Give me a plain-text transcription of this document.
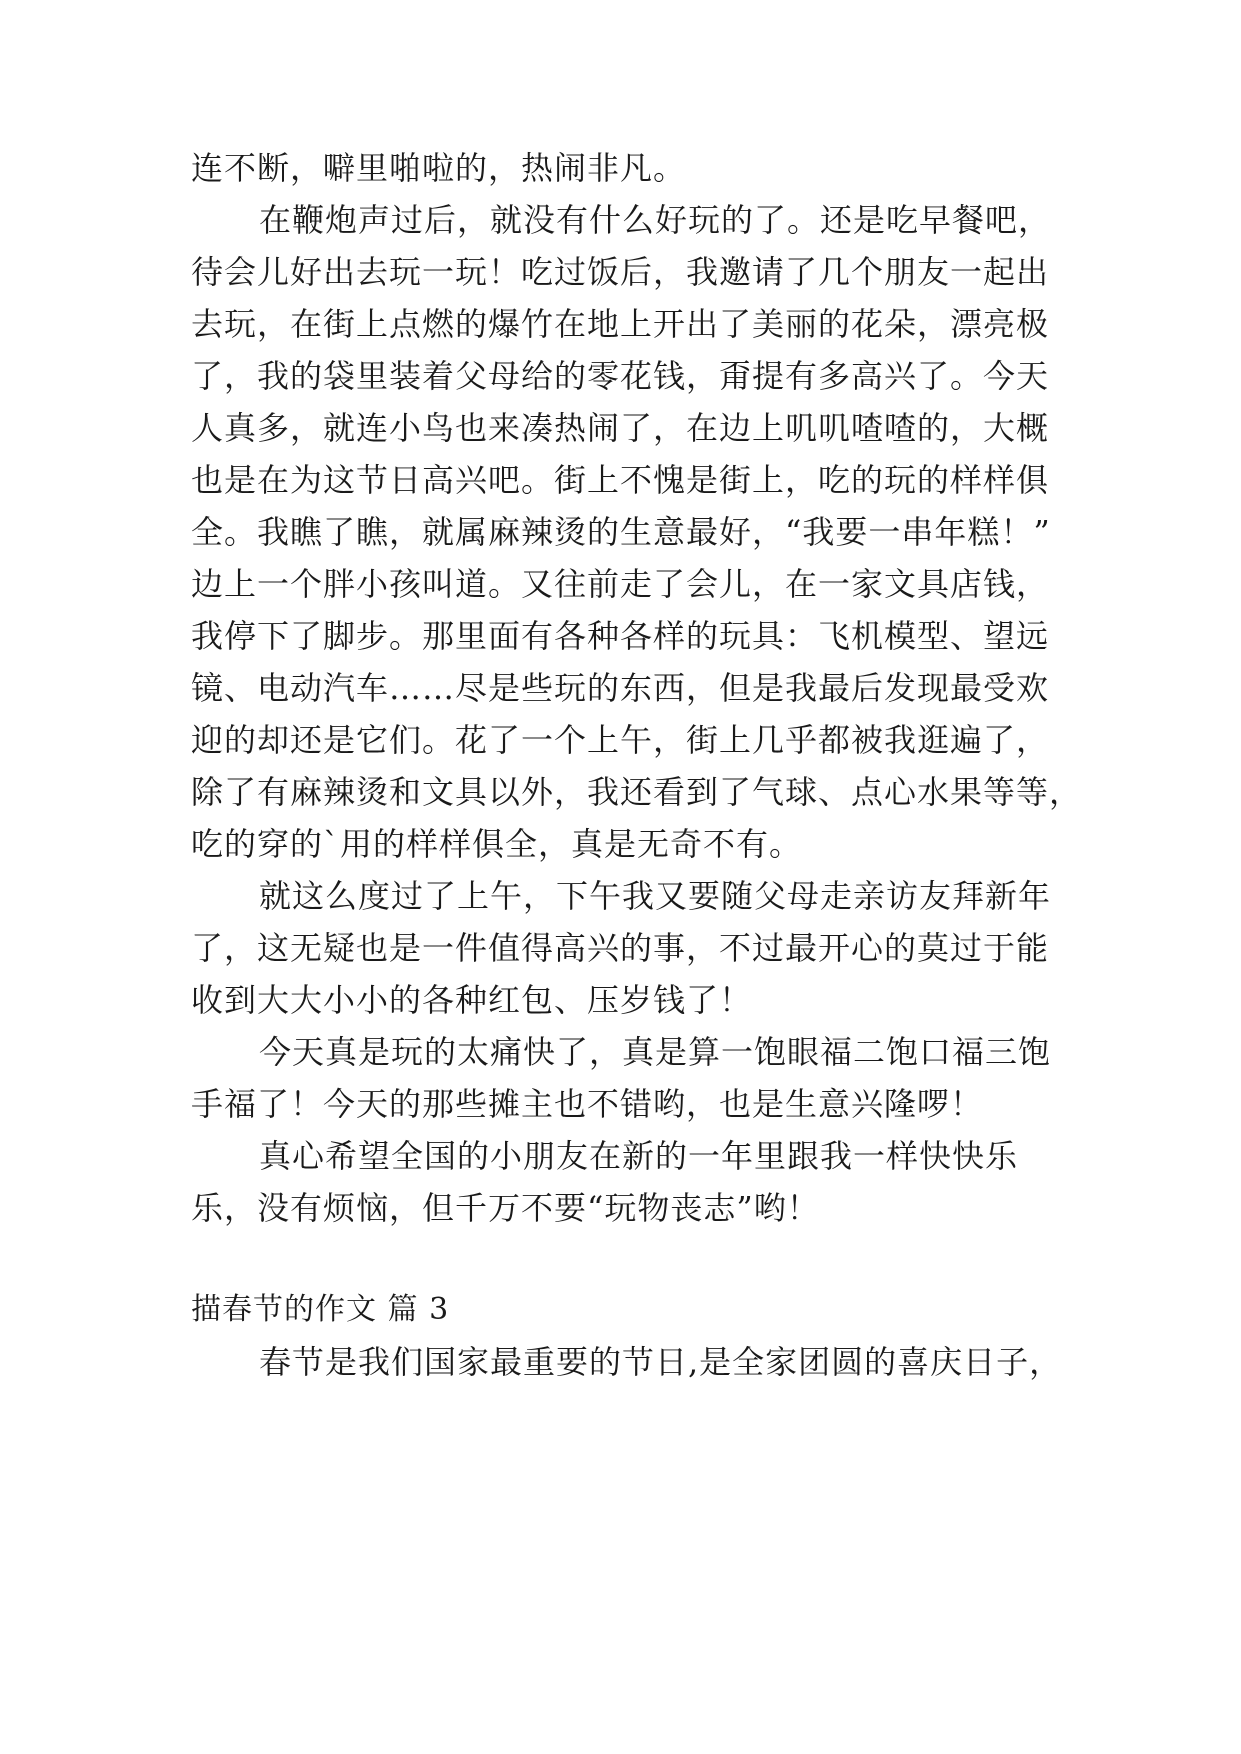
连不断，噼里啪啦的，热闹非凡。
在鞭炮声过后，就没有什么好玩的了。还是吃早餐吧，
待会儿好出去玩一玩！吃过饭后，我邀请了几个朋友一起出
去玩，在街上点燃的爆竹在地上开出了美丽的花朵，漂亮极
了，我的袋里装着父母给的零花钱，甭提有多高兴了。今天
人真多，就连小鸟也来凑热闹了，在边上叽叽喳喳的，大概
也是在为这节日高兴吧。街上不愧是街上，吃的玩的样样俱
全。我瞧了瞧，就属麻辣烫的生意最好，“我要一串年糕！”
边上一个胖小孩叫道。又往前走了会儿，在一家文具店钱，
我停下了脚步。那里面有各种各样的玩具：飞机模型、望远
镜、电动汽车……尽是些玩的东西，但是我最后发现最受欢
迎的却还是它们。花了一个上午，街上几乎都被我逛遍了，
除了有麻辣烫和文具以外，我还看到了气球、点心水果等等，
吃的穿的`用的样样俱全，真是无奇不有。
就这么度过了上午，下午我又要随父母走亲访友拜新年
了，这无疑也是一件值得高兴的事，不过最开心的莫过于能
收到大大小小的各种红包、压岁钱了！
今天真是玩的太痛快了，真是算一饱眼福二饱口福三饱
手福了！今天的那些摊主也不错哟，也是生意兴隆啰！
真心希望全国的小朋友在新的一年里跟我一样快快乐
乐，没有烦恼，但千万不要“玩物丧志”哟！
描春节的作文 篇 3
春节是我们国家最重要的节日,是全家团圆的喜庆日子，
